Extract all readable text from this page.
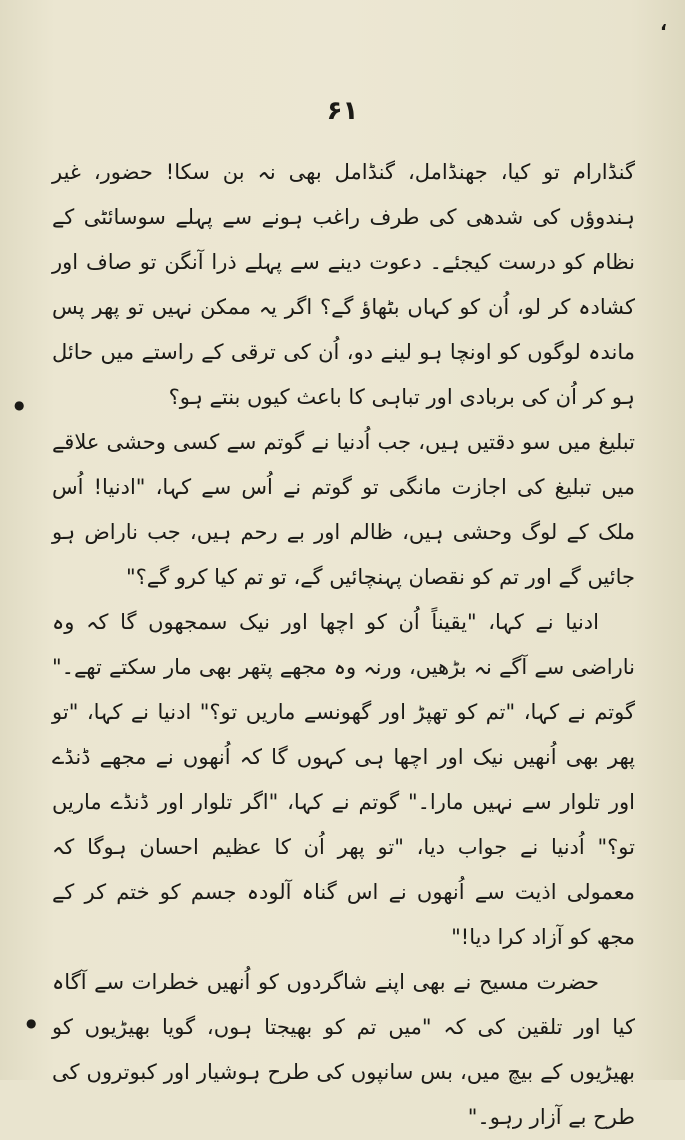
،
●
●
۶۱

گنڈارام تو کیا، جھنڈامل، گنڈامل بھی نہ بن سکا! حضور، غیر ہندوؤں کی شدھی کی طرف راغب ہونے سے پہلے سوسائٹی کے نظام کو درست کیجئے۔ دعوت دینے سے پہلے ذرا آنگن تو صاف اور کشادہ کر لو، اُن کو کہاں بٹھاؤ گے؟ اگر یہ ممکن نہیں تو پھر پس ماندہ لوگوں کو اونچا ہو لینے دو، اُن کی ترقی کے راستے میں حائل ہو کر اُن کی بربادی اور تباہی کا باعث کیوں بنتے ہو؟

تبلیغ میں سو دقتیں ہیں، جب اُدنیا نے گوتم سے کسی وحشی علاقے میں تبلیغ کی اجازت مانگی تو گوتم نے اُس سے کہا، "ادنیا! اُس ملک کے لوگ وحشی ہیں، ظالم اور بے رحم ہیں، جب ناراض ہو جائیں گے اور تم کو نقصان پہنچائیں گے، تو تم کیا کرو گے؟"

ادنیا نے کہا، "یقیناً اُن کو اچھا اور نیک سمجھوں گا کہ وہ ناراضی سے آگے نہ بڑھیں، ورنہ وہ مجھے پتھر بھی مار سکتے تھے۔" گوتم نے کہا، "تم کو تھپڑ اور گھونسے ماریں تو؟" ادنیا نے کہا، "تو پھر بھی اُنھیں نیک اور اچھا ہی کہوں گا کہ اُنھوں نے مجھے ڈنڈے اور تلوار سے نہیں مارا۔" گوتم نے کہا، "اگر تلوار اور ڈنڈے ماریں تو؟" اُدنیا نے جواب دیا، "تو پھر اُن کا عظیم احسان ہوگا کہ معمولی اذیت سے اُنھوں نے اس گناہ آلودہ جسم کو ختم کر کے مجھ کو آزاد کرا دیا!"

حضرت مسیح نے بھی اپنے شاگردوں کو اُنھیں خطرات سے آگاہ کیا اور تلقین کی کہ "میں تم کو بھیجتا ہوں، گویا بھیڑیوں کو بھیڑیوں کے بیچ میں، بس سانپوں کی طرح ہوشیار اور کبوتروں کی طرح بے آزار رہو۔"
